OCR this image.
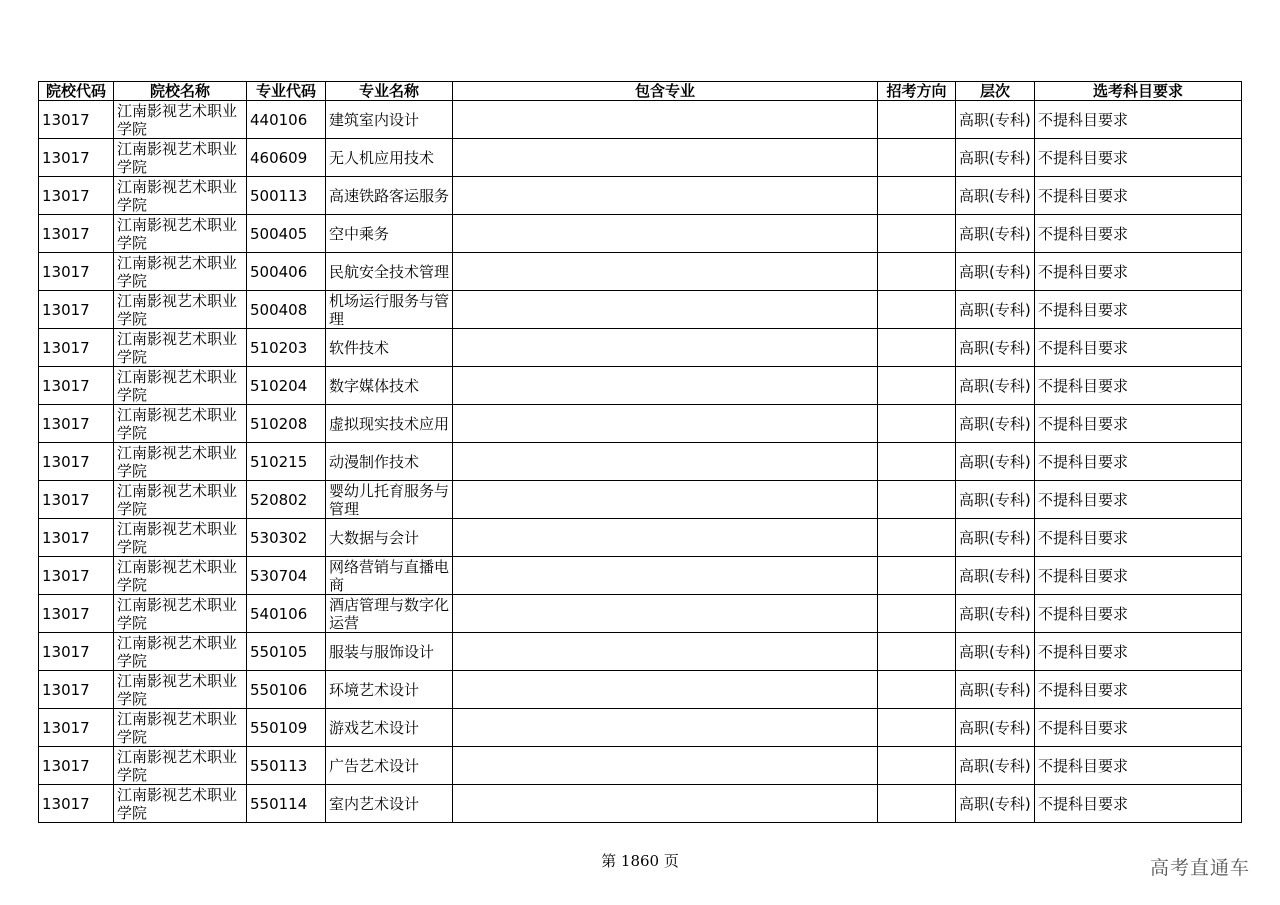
院校代码	院校名称	专业代码	专业名称	包含专业	招考方向	层次	选考科目要求
13017	江南影视艺术职业学院	440106	建筑室内设计			高职(专科)	不提科目要求
13017	江南影视艺术职业学院	460609	无人机应用技术			高职(专科)	不提科目要求
13017	江南影视艺术职业学院	500113	高速铁路客运服务			高职(专科)	不提科目要求
13017	江南影视艺术职业学院	500405	空中乘务			高职(专科)	不提科目要求
13017	江南影视艺术职业学院	500406	民航安全技术管理			高职(专科)	不提科目要求
13017	江南影视艺术职业学院	500408	机场运行服务与管理			高职(专科)	不提科目要求
13017	江南影视艺术职业学院	510203	软件技术			高职(专科)	不提科目要求
13017	江南影视艺术职业学院	510204	数字媒体技术			高职(专科)	不提科目要求
13017	江南影视艺术职业学院	510208	虚拟现实技术应用			高职(专科)	不提科目要求
13017	江南影视艺术职业学院	510215	动漫制作技术			高职(专科)	不提科目要求
13017	江南影视艺术职业学院	520802	婴幼儿托育服务与管理			高职(专科)	不提科目要求
13017	江南影视艺术职业学院	530302	大数据与会计			高职(专科)	不提科目要求
13017	江南影视艺术职业学院	530704	网络营销与直播电商			高职(专科)	不提科目要求
13017	江南影视艺术职业学院	540106	酒店管理与数字化运营			高职(专科)	不提科目要求
13017	江南影视艺术职业学院	550105	服装与服饰设计			高职(专科)	不提科目要求
13017	江南影视艺术职业学院	550106	环境艺术设计			高职(专科)	不提科目要求
13017	江南影视艺术职业学院	550109	游戏艺术设计			高职(专科)	不提科目要求
13017	江南影视艺术职业学院	550113	广告艺术设计			高职(专科)	不提科目要求
13017	江南影视艺术职业学院	550114	室内艺术设计			高职(专科)	不提科目要求
第 1860 页	高考直通车
